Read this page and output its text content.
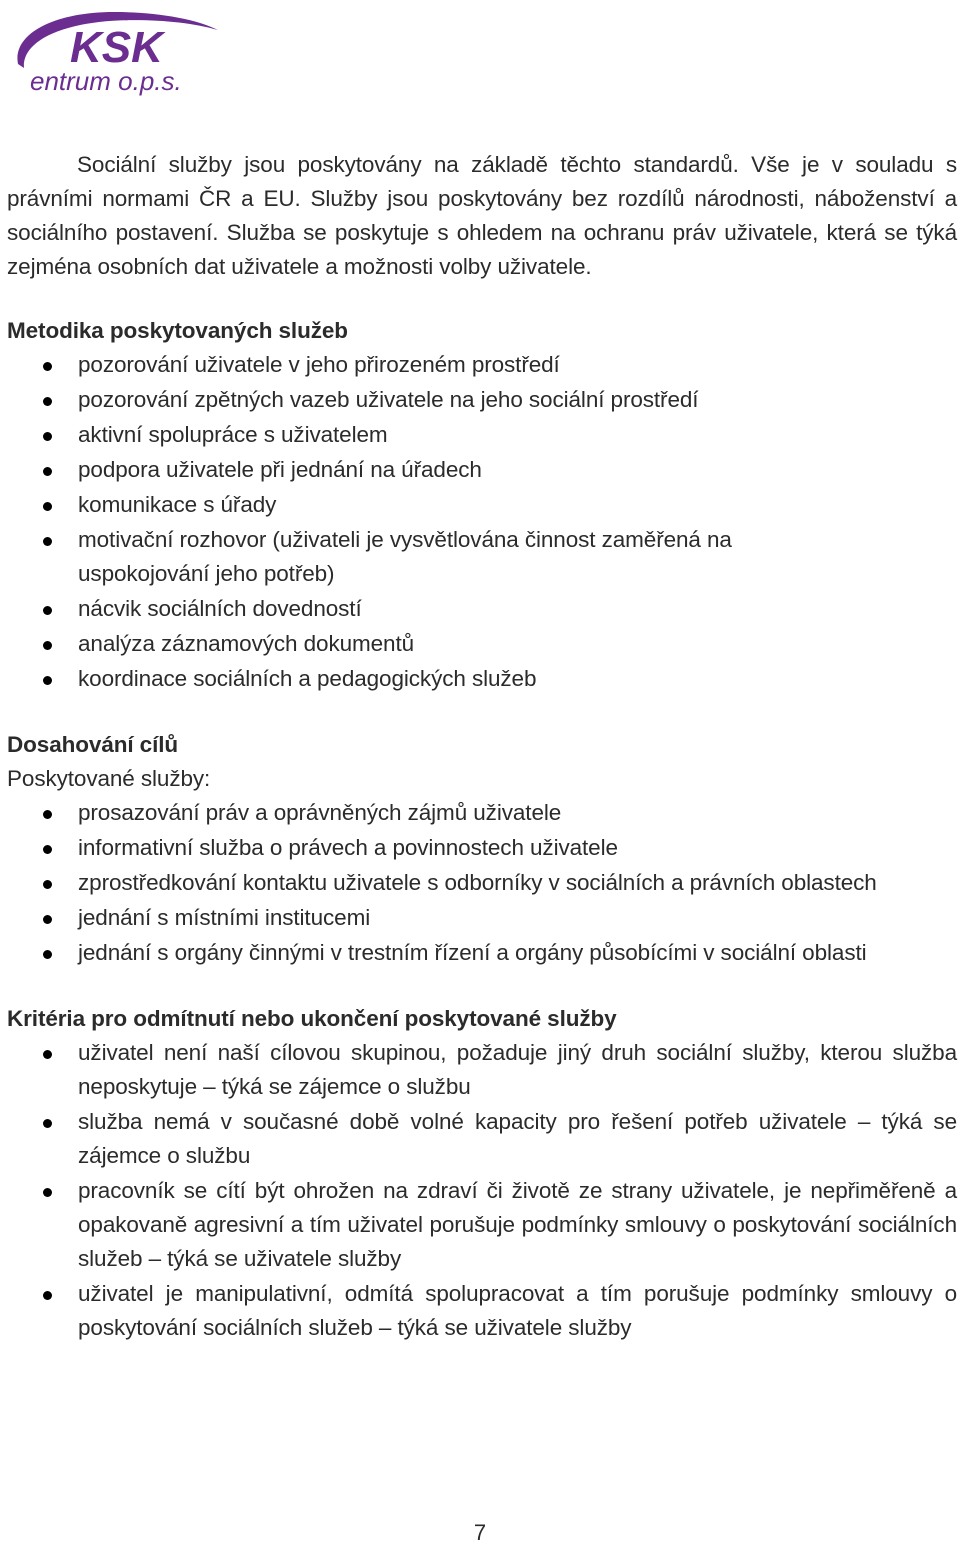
KSK
entrum o.p.s.

Sociální služby jsou poskytovány na základě těchto standardů. Vše je v souladu s právními normami ČR a EU. Služby jsou poskytovány bez rozdílů národnosti, náboženství a sociálního postavení. Služba se poskytuje s ohledem na ochranu práv uživatele, která se týká zejména osobních dat uživatele a možnosti volby uživatele.

Metodika poskytovaných služeb
pozorování uživatele v jeho přirozeném prostředí
pozorování zpětných vazeb uživatele na jeho sociální prostředí
aktivní spolupráce s uživatelem
podpora uživatele při jednání na úřadech
komunikace s úřady
motivační rozhovor (uživateli je vysvětlována činnost zaměřená na uspokojování jeho potřeb)
nácvik sociálních dovedností
analýza záznamových dokumentů
koordinace sociálních a pedagogických služeb
Dosahování cílů

Poskytované služby:

prosazování práv a oprávněných zájmů uživatele
informativní služba o právech a povinnostech uživatele
zprostředkování kontaktu uživatele s odborníky v sociálních a právních oblastech
jednání s místními institucemi
jednání s orgány činnými v trestním řízení a orgány působícími v sociální oblasti
Kritéria pro odmítnutí nebo ukončení poskytované služby
uživatel není naší cílovou skupinou, požaduje jiný druh sociální služby, kterou služba neposkytuje – týká se zájemce o službu
služba nemá v současné době volné kapacity pro řešení potřeb uživatele – týká se zájemce o službu
pracovník se cítí být ohrožen na zdraví či životě ze strany uživatele, je nepřiměřeně a opakovaně agresivní a tím uživatel porušuje podmínky smlouvy o poskytování sociálních služeb – týká se uživatele služby
uživatel je manipulativní, odmítá spolupracovat a tím porušuje podmínky smlouvy o poskytování sociálních služeb – týká se uživatele služby
7
